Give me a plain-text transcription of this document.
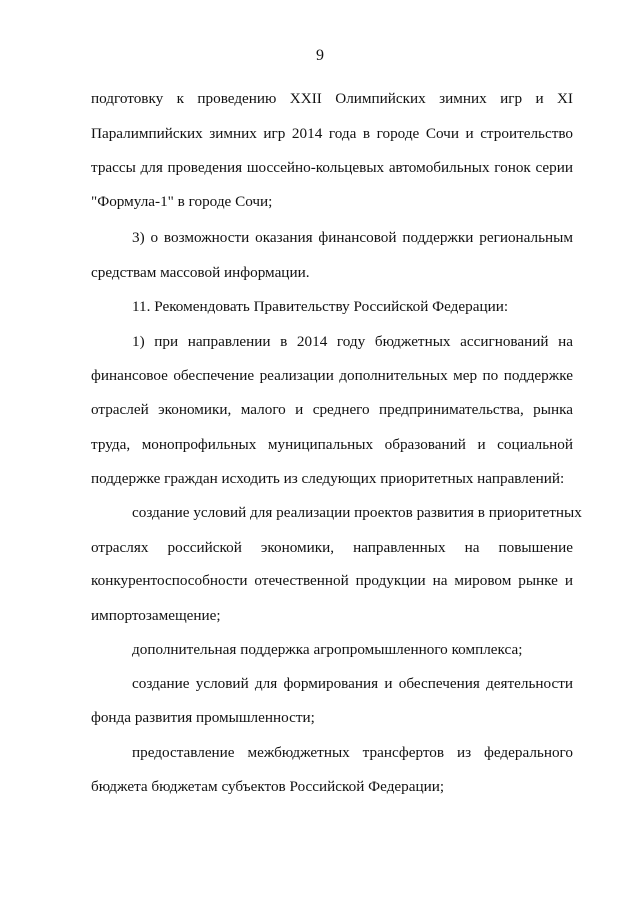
9
подготовку к проведению XXII Олимпийских зимних игр и XI
Паралимпийских зимних игр 2014 года в городе Сочи и строительство
трассы для проведения шоссейно-кольцевых автомобильных гонок серии
"Формула-1" в городе Сочи;
3) о возможности оказания финансовой поддержки региональным
средствам массовой информации.
11. Рекомендовать Правительству Российской Федерации:
1) при направлении в 2014 году бюджетных ассигнований на
финансовое обеспечение реализации дополнительных мер по поддержке
отраслей экономики, малого и среднего предпринимательства, рынка
труда, монопрофильных муниципальных образований и социальной
поддержке граждан исходить из следующих приоритетных направлений:
создание условий для реализации проектов развития в приоритетных
отраслях российской экономики, направленных на повышение
конкурентоспособности отечественной продукции на мировом рынке и
импортозамещение;
дополнительная поддержка агропромышленного комплекса;
создание условий для формирования и обеспечения деятельности
фонда развития промышленности;
предоставление межбюджетных трансфертов из федерального
бюджета бюджетам субъектов Российской Федерации;
